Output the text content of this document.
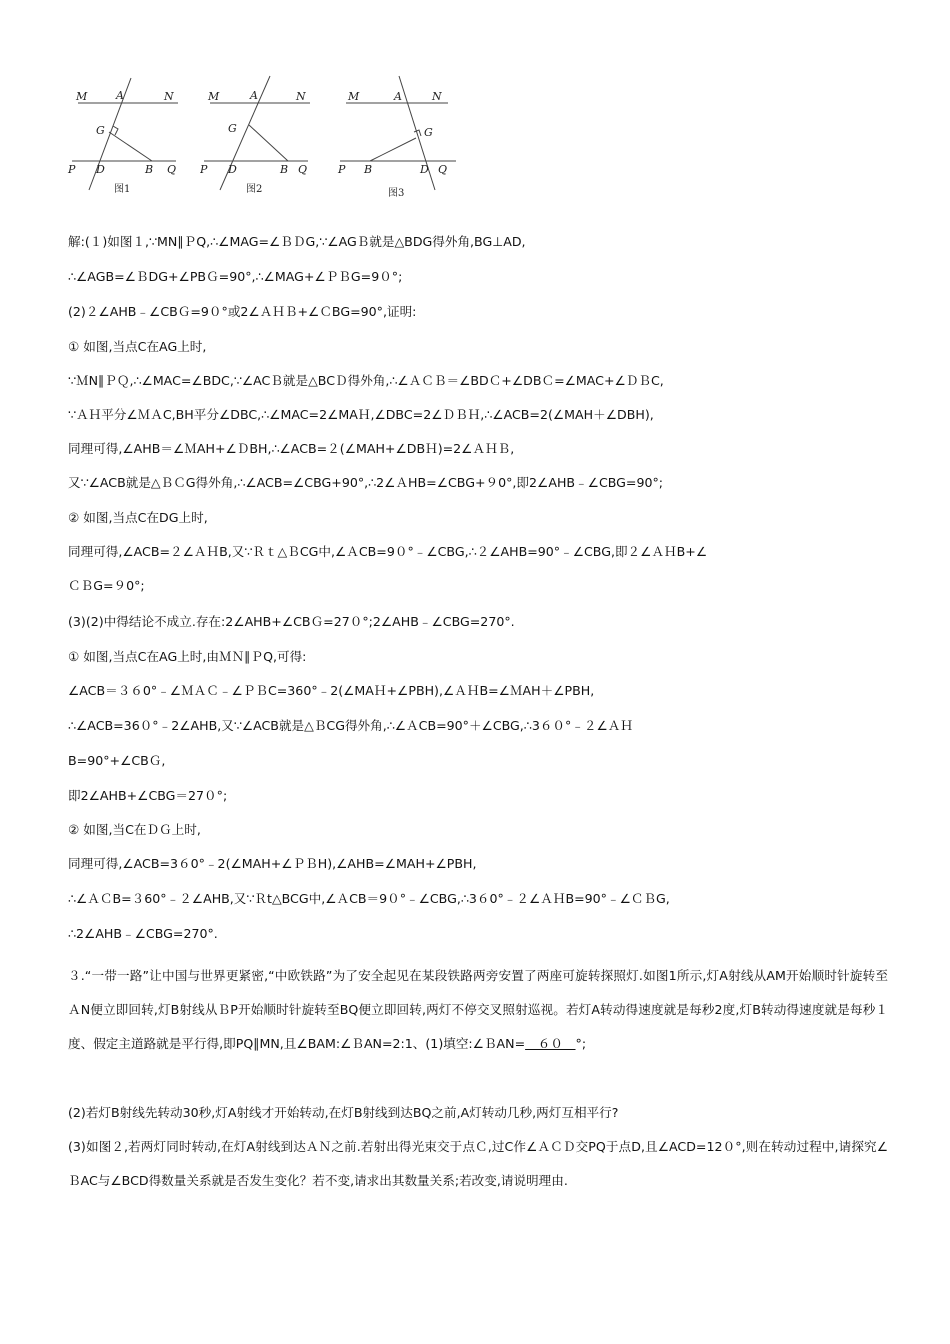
M	A	N
G
P D	B Q
图1
M	A	N
G
P D	B Q
图2
M	A	N
G
P B	D Q
图3
解:(１)如图１,∵MN∥ＰQ,∴∠MAG=∠ＢＤG,∵∠AGＢ就是△BDG得外角,BG⊥AD,
∴∠AGB=∠ＢDG+∠PBＧ=90°,∴∠MAG+∠ＰＢG=9０°;
(2)２∠AHB﹣∠CBＧ=9０°或2∠ＡＨＢ+∠ＣBG=90°,证明:
① 如图,当点C在AG上时,
∵ＭN∥ＰＱ,∴∠MAC=∠BDC,∵∠ACＢ就是△BCＤ得外角,∴∠ＡＣＢ＝∠BDＣ+∠DBＣ=∠MAC+∠ＤＢC,
∵ＡＨ平分∠ＭＡC,BH平分∠DBC,∴∠MAC=2∠MAＨ,∠DBC=2∠ＤＢＨ,∴∠ACB=2(∠MAH＋∠DBH),
同理可得,∠AHB＝∠ＭAH+∠ＤBH,∴∠ACB=２(∠MAH+∠DBＨ)=2∠ＡＨＢ,
又∵∠ACB就是△ＢＣG得外角,∴∠ACB=∠CBG+90°,∴2∠ＡHB=∠CBG+９0°,即2∠AHB﹣∠CBG=90°;
② 如图,当点C在DG上时,
同理可得,∠ACB=２∠ＡＨB,又∵Ｒｔ△ＢCG中,∠ＡCB=9０°﹣∠CBG,∴２∠AHB=90°﹣∠CBG,即２∠ＡＨB+∠
ＣＢG=９0°;
(3)(2)中得结论不成立.存在:2∠AHB+∠CBＧ=27０°;2∠AHB﹣∠CBG=270°.
① 如图,当点C在AG上时,由ＭＮ∥ＰQ,可得:
∠ACB＝３６0°﹣∠ＭＡＣ﹣∠ＰＢC=360°﹣2(∠MAＨ+∠PBH),∠ＡＨB=∠ＭAH＋∠PBH,
∴∠ACB=36０°﹣2∠AHB,又∵∠ACB就是△ＢCG得外角,∴∠ＡCB=90°＋∠CBG,∴3６０°﹣２∠ＡＨ
B=90°+∠CBＧ,
即2∠AHB+∠CBG＝27０°;
② 如图,当C在ＤＧ上时,
同理可得,∠ACB=3６0°﹣2(∠MAH+∠ＰＢH),∠AHB=∠MAH+∠PBH,
∴∠ＡＣB=３60°﹣２∠AHB,又∵Ｒt△BCG中,∠ＡCB＝9０°﹣∠CBG,∴3６0°﹣２∠ＡＨB=90°﹣∠ＣＢG,
∴2∠AHB﹣∠CBG=270°.
３.“一带一路”让中国与世界更紧密,“中欧铁路”为了安全起见在某段铁路两旁安置了两座可旋转探照灯.如图1所示,灯A射线从AM开始顺时针旋转至ＡN便立即回转,灯B射线从ＢP开始顺时针旋转至BQ便立即回转,两灯不停交叉照射巡视。若灯A转动得速度就是每秒2度,灯B转动得速度就是每秒１度、假定主道路就是平行得,即PQ∥MN,且∠BAM:∠ＢAN=2:1、(1)填空:∠ＢAN=＿６０＿°;
(2)若灯B射线先转动30秒,灯A射线才开始转动,在灯B射线到达BQ之前,A灯转动几秒,两灯互相平行?
(3)如图２,若两灯同时转动,在灯A射线到达ＡＮ之前.若射出得光束交于点Ｃ,过C作∠ＡＣＤ交PQ于点D,且∠ACD=12０°,则在转动过程中,请探究∠ＢAC与∠BCD得数量关系就是否发生变化？若不变,请求出其数量关系;若改变,请说明理由.
